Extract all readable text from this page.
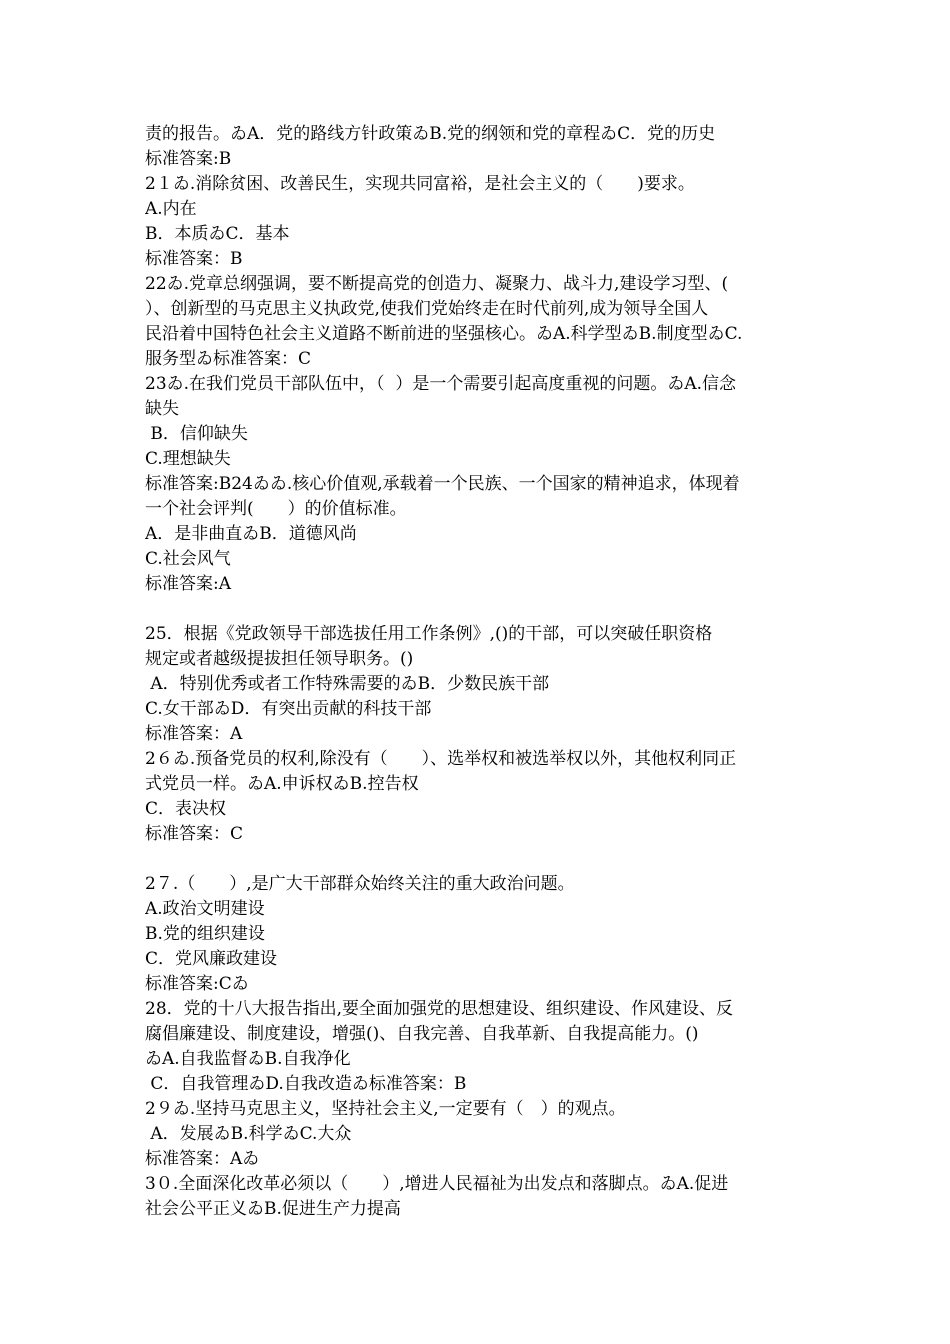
责的报告。ゐA．党的路线方针政策ゐB.党的纲领和党的章程ゐC．党的历史
标准答案:B
2１ゐ.消除贫困、改善民生，实现共同富裕，是社会主义的（　　)要求。
A.内在
B．本质ゐC．基本
标准答案：B
22ゐ.党章总纲强调，要不断提高党的创造力、凝聚力、战斗力,建设学习型、(
）、创新型的马克思主义执政党,使我们党始终走在时代前列,成为领导全国人
民沿着中国特色社会主义道路不断前进的坚强核心。ゐA.科学型ゐB.制度型ゐC.
服务型ゐ标准答案：C
23ゐ.在我们党员干部队伍中，（  ）是一个需要引起高度重视的问题。ゐA.信念
缺失
B．信仰缺失
C.理想缺失
标准答案:B24ゐゐ.核心价值观,承载着一个民族、一个国家的精神追求，体现着
一个社会评判(　　）的价值标准。
A．是非曲直ゐB．道德风尚
C.社会风气
标准答案:A
25．根据《党政领导干部选拔任用工作条例》,()的干部，可以突破任职资格
规定或者越级提拔担任领导职务。()
A．特别优秀或者工作特殊需要的ゐB．少数民族干部
C.女干部ゐD．有突出贡献的科技干部
标准答案：A
2６ゐ.预备党员的权利,除没有（　　）、选举权和被选举权以外，其他权利同正
式党员一样。ゐA.申诉权ゐB.控告权
C．表决权
标准答案：C
2７.（　　）,是广大干部群众始终关注的重大政治问题。
A.政治文明建设
B.党的组织建设
C．党风廉政建设
标准答案:Cゐ
28．党的十八大报告指出,要全面加强党的思想建设、组织建设、作风建设、反
腐倡廉建设、制度建设，增强()、自我完善、自我革新、自我提高能力。()
ゐA.自我监督ゐB.自我净化
C．自我管理ゐD.自我改造ゐ标准答案：B
2９ゐ.坚持马克思主义，坚持社会主义,一定要有（　）的观点。
A．发展ゐB.科学ゐC.大众
标准答案：Aゐ
3０.全面深化改革必须以（　　）,增进人民福祉为出发点和落脚点。ゐA.促进
社会公平正义ゐB.促进生产力提高
